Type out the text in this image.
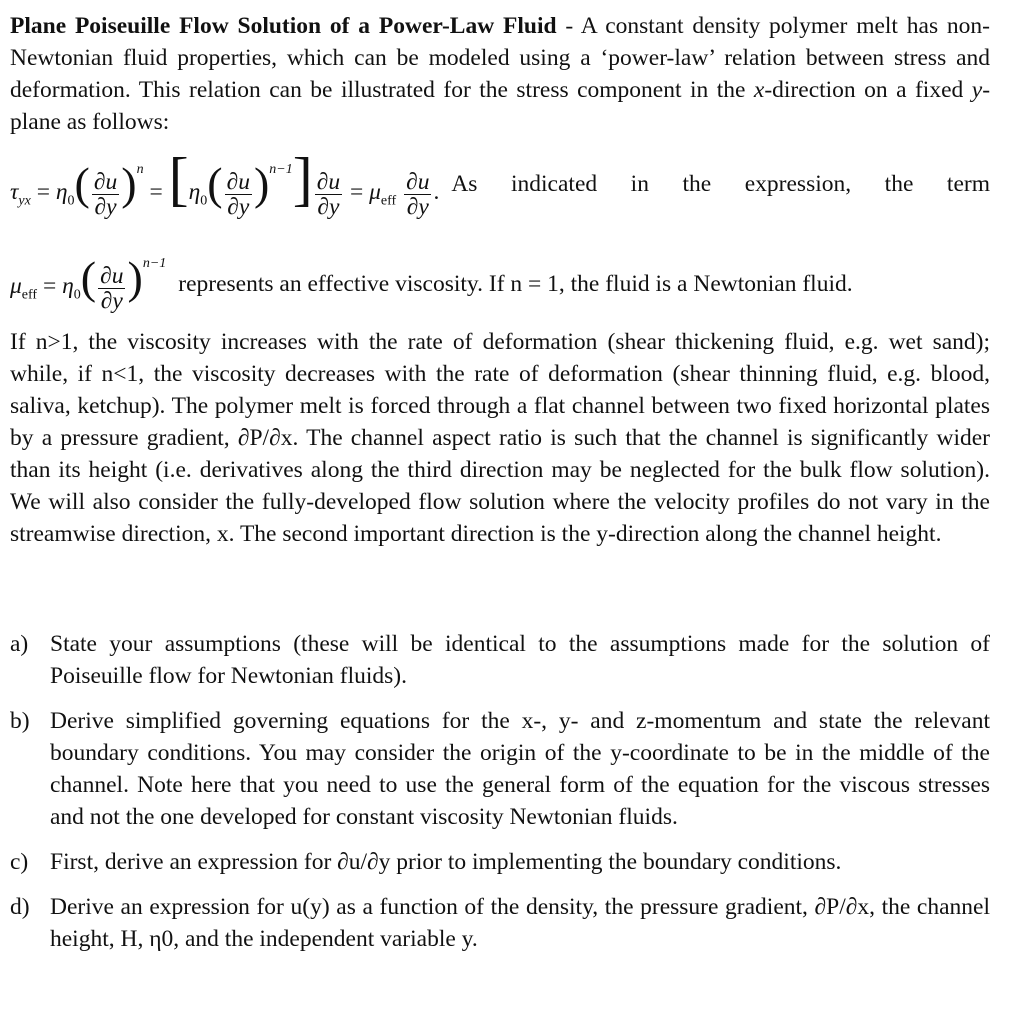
Plane Poiseuille Flow Solution of a Power-Law Fluid - A constant density polymer melt has non-Newtonian fluid properties, which can be modeled using a ‘power-law’ relation between stress and deformation. This relation can be illustrated for the stress component in the x-direction on a fixed y-plane as follows:
$\tau_{yx} = \eta_0( \frac{\partial u}{\partial y} )^n = [\eta_0( \frac{\partial u}{\partial y} )^{n-1}] \frac{\partial u}{\partial y} = \mu_{eff} \frac{\partial u}{\partial y}$ . As indicated in the expression, the term
$\mu_{eff} = \eta_0( \frac{\partial u}{\partial y} )^{n-1}$
represents an effective viscosity. If n = 1, the fluid is a Newtonian fluid.
If n>1, the viscosity increases with the rate of deformation (shear thickening fluid, e.g. wet sand); while, if n<1, the viscosity decreases with the rate of deformation (shear thinning fluid, e.g. blood, saliva, ketchup). The polymer melt is forced through a flat channel between two fixed horizontal plates by a pressure gradient, ∂P/∂x. The channel aspect ratio is such that the channel is significantly wider than its height (i.e. derivatives along the third direction may be neglected for the bulk flow solution). We will also consider the fully-developed flow solution where the velocity profiles do not vary in the streamwise direction, x. The second important direction is the y-direction along the channel height.
a) State your assumptions (these will be identical to the assumptions made for the solution of Poiseuille flow for Newtonian fluids).
b) Derive simplified governing equations for the x-, y- and z-momentum and state the relevant boundary conditions. You may consider the origin of the y-coordinate to be in the middle of the channel. Note here that you need to use the general form of the equation for the viscous stresses and not the one developed for constant viscosity Newtonian fluids.
c) First, derive an expression for ∂u/∂y prior to implementing the boundary conditions.
d) Derive an expression for u(y) as a function of the density, the pressure gradient, ∂P/∂x, the channel height, H, η0, and the independent variable y.
